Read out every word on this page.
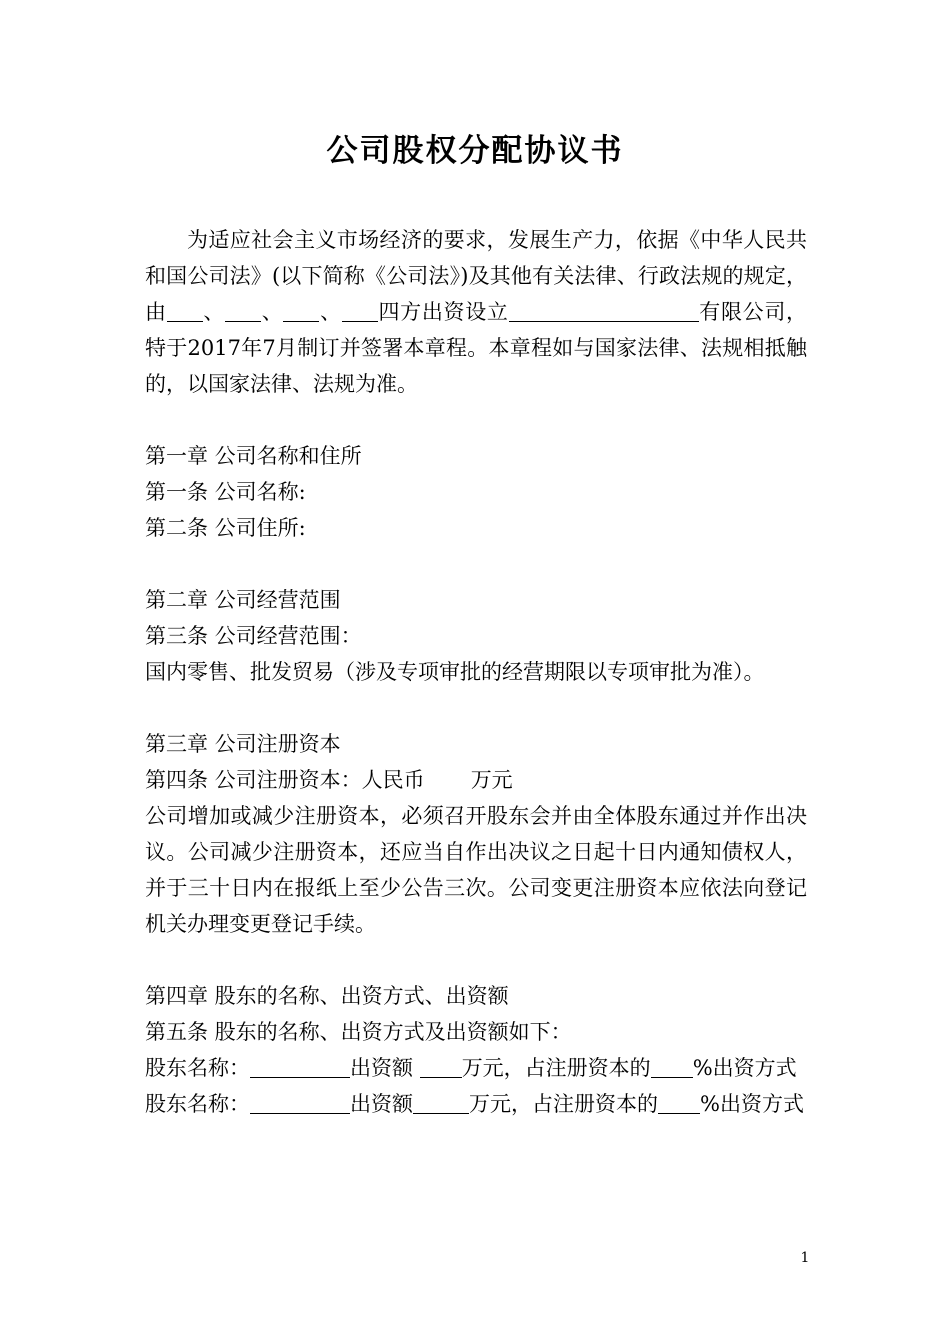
公司股权分配协议书

为适应社会主义市场经济的要求，发展生产力，依据《中华人民共和国公司法》(以下简称《公司法》)及其他有关法律、行政法规的规定，由 、 、 、 四方出资设立	有限公司，特于2017年7月制订并签署本章程。本章程如与国家法律、法规相抵触的，以国家法律、法规为准。

第一章 公司名称和住所

第一条 公司名称:

第二条 公司住所:

第二章 公司经营范围

第三条 公司经营范围：

国内零售、批发贸易（涉及专项审批的经营期限以专项审批为准）。

第三章 公司注册资本

第四条 公司注册资本：人民币 万元

公司增加或减少注册资本，必须召开股东会并由全体股东通过并作出决议。公司减少注册资本，还应当自作出决议之日起十日内通知债权人，并于三十日内在报纸上至少公告三次。公司变更注册资本应依法向登记机关办理变更登记手续。

第四章 股东的名称、出资方式、出资额

第五条 股东的名称、出资方式及出资额如下：

股东名称：	出资额 万元，占注册资本的 %出资方式

股东名称：	出资额	万元，占注册资本的 %出资方式

1
